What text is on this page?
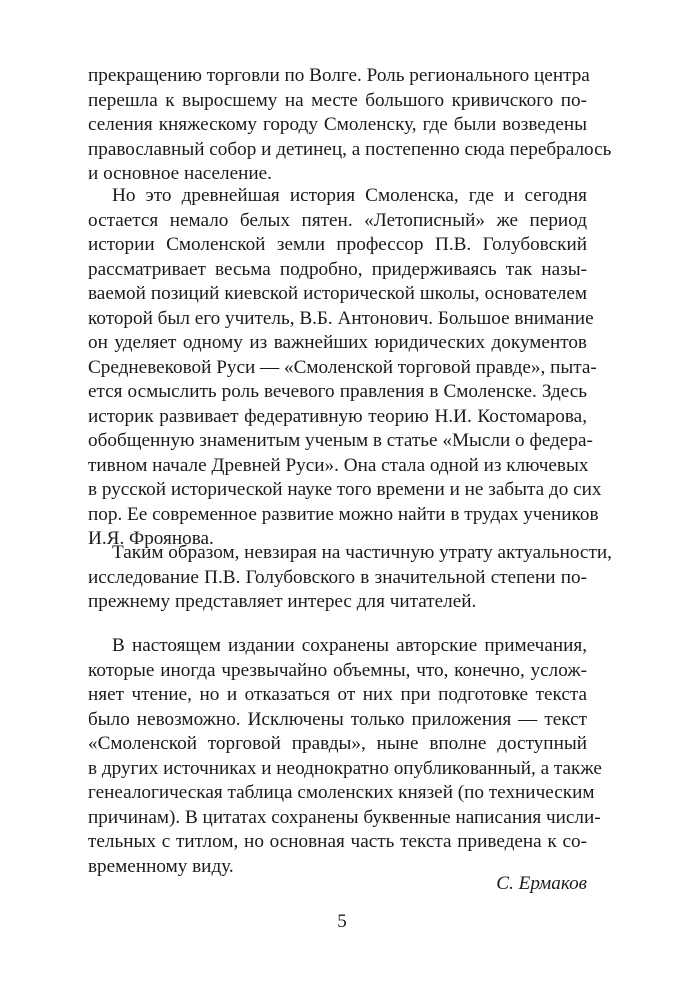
прекращению торговли по Волге. Роль регионального центра
перешла к выросшему на месте большого кривичского по-
селения княжескому городу Смоленску, где были возведены
православный собор и детинец, а постепенно сюда перебралось
и основное население.
Но это древнейшая история Смоленска, где и сегодня
остается немало белых пятен. «Летописный» же период
истории Смоленской земли профессор П.В. Голубовский
рассматривает весьма подробно, придерживаясь так назы-
ваемой позиций киевской исторической школы, основателем
которой был его учитель, В.Б. Антонович. Большое внимание
он уделяет одному из важнейших юридических документов
Средневековой Руси — «Смоленской торговой правде», пыта-
ется осмыслить роль вечевого правления в Смоленске. Здесь
историк развивает федеративную теорию Н.И. Костомарова,
обобщенную знаменитым ученым в статье «Мысли о федера-
тивном начале Древней Руси». Она стала одной из ключевых
в русской исторической науке того времени и не забыта до сих
пор. Ее современное развитие можно найти в трудах учеников
И.Я. Фроянова.
Таким образом, невзирая на частичную утрату актуальности,
исследование П.В. Голубовского в значительной степени по-
прежнему представляет интерес для читателей.
В настоящем издании сохранены авторские примечания,
которые иногда чрезвычайно объемны, что, конечно, услож-
няет чтение, но и отказаться от них при подготовке текста
было невозможно. Исключены только приложения — текст
«Смоленской торговой правды», ныне вполне доступный
в других источниках и неоднократно опубликованный, а также
генеалогическая таблица смоленских князей (по техническим
причинам). В цитатах сохранены буквенные написания числи-
тельных с титлом, но основная часть текста приведена к со-
временному виду.
С. Ермаков
5
